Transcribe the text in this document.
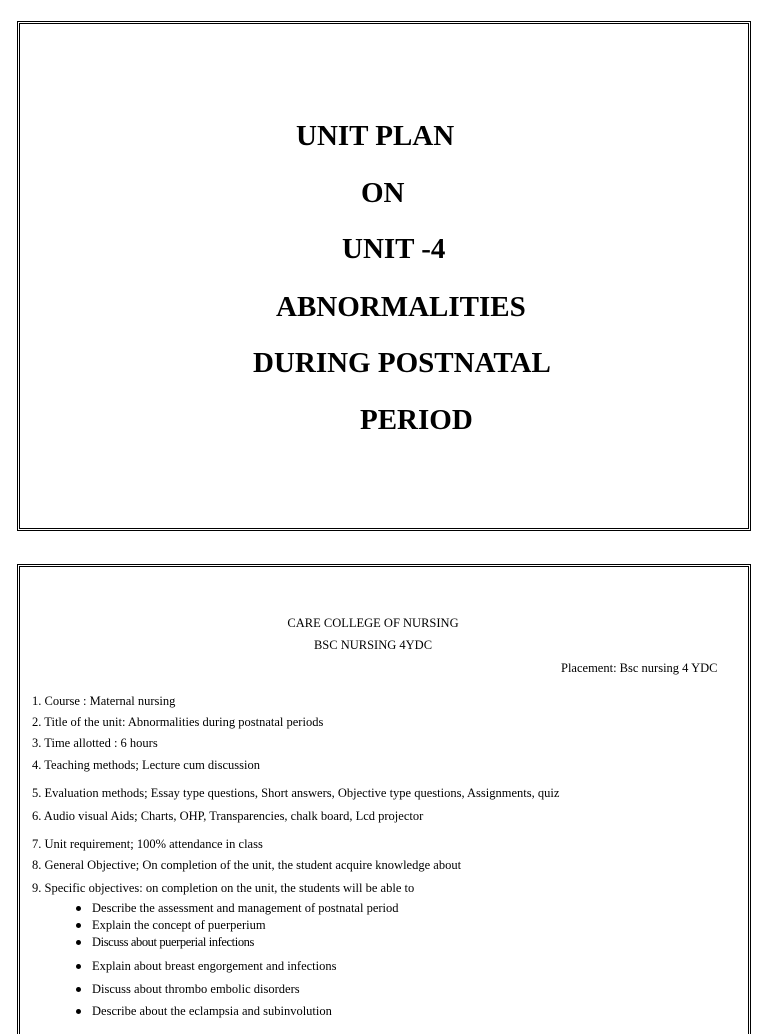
UNIT PLAN
ON
UNIT -4
ABNORMALITIES
DURING POSTNATAL
PERIOD
CARE COLLEGE OF NURSING
BSC NURSING 4YDC
Placement: Bsc nursing 4 YDC
1. Course : Maternal nursing
2. Title of the unit: Abnormalities during postnatal periods
3. Time allotted : 6 hours
4. Teaching methods; Lecture cum discussion
5. Evaluation methods; Essay type questions, Short answers, Objective type questions, Assignments, quiz
6. Audio visual Aids; Charts, OHP, Transparencies, chalk board, Lcd projector
7. Unit requirement; 100% attendance in class
8. General Objective; On completion of the unit, the student acquire knowledge about
9. Specific objectives: on completion on the unit, the students will be able to
Describe the assessment and management of postnatal period
Explain the concept of puerperium
Discuss about puerperial infections
Explain about breast engorgement and infections
Discuss about thrombo embolic disorders
Describe about the eclampsia and subinvolution
